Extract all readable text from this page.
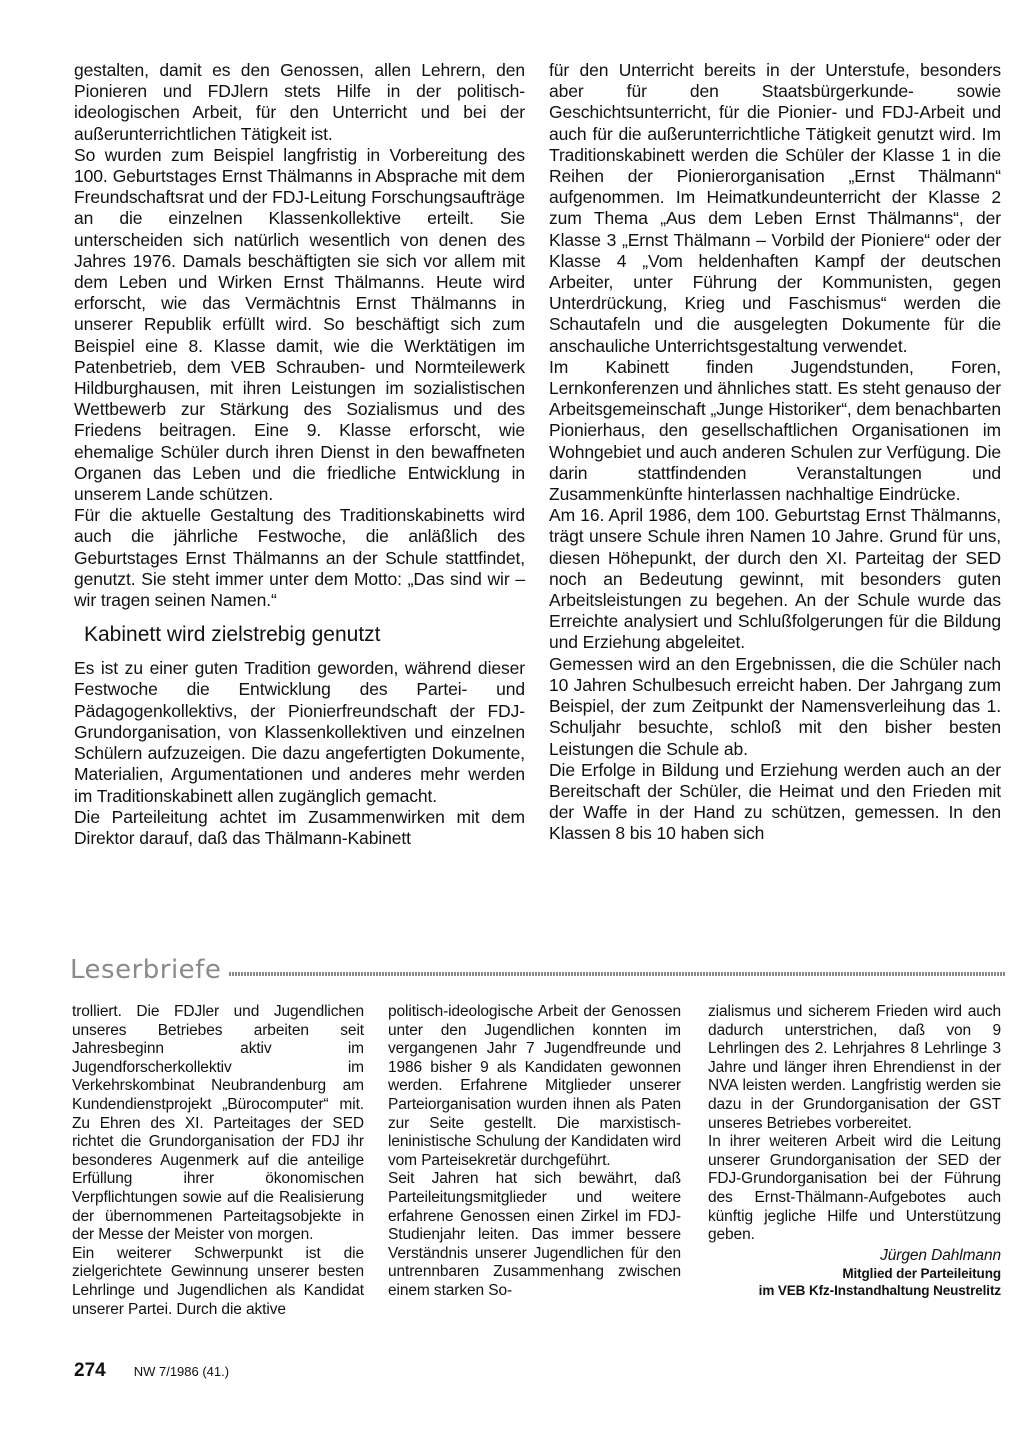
gestalten, damit es den Genossen, allen Lehrern, den Pionieren und FDJlern stets Hilfe in der politisch-ideologischen Arbeit, für den Unterricht und bei der außerunterrichtlichen Tätigkeit ist.

So wurden zum Beispiel langfristig in Vorbereitung des 100. Geburtstages Ernst Thälmanns in Absprache mit dem Freundschaftsrat und der FDJ-Leitung Forschungsaufträge an die einzelnen Klassenkollektive erteilt. Sie unterscheiden sich natürlich wesentlich von denen des Jahres 1976. Damals beschäftigten sie sich vor allem mit dem Leben und Wirken Ernst Thälmanns. Heute wird erforscht, wie das Vermächtnis Ernst Thälmanns in unserer Republik erfüllt wird. So beschäftigt sich zum Beispiel eine 8. Klasse damit, wie die Werktätigen im Patenbetrieb, dem VEB Schrauben- und Normteilewerk Hildburghausen, mit ihren Leistungen im sozialistischen Wettbewerb zur Stärkung des Sozialismus und des Friedens beitragen. Eine 9. Klasse erforscht, wie ehemalige Schüler durch ihren Dienst in den bewaffneten Organen das Leben und die friedliche Entwicklung in unserem Lande schützen.

Für die aktuelle Gestaltung des Traditionskabinetts wird auch die jährliche Festwoche, die anläßlich des Geburtstages Ernst Thälmanns an der Schule stattfindet, genutzt. Sie steht immer unter dem Motto: „Das sind wir – wir tragen seinen Namen.“

Kabinett wird zielstrebig genutzt

Es ist zu einer guten Tradition geworden, während dieser Festwoche die Entwicklung des Partei- und Pädagogenkollektivs, der Pionierfreundschaft der FDJ-Grundorganisation, von Klassenkollektiven und einzelnen Schülern aufzuzeigen. Die dazu angefertigten Dokumente, Materialien, Argumentationen und anderes mehr werden im Traditionskabinett allen zugänglich gemacht.

Die Parteileitung achtet im Zusammenwirken mit dem Direktor darauf, daß das Thälmann-Kabinett

für den Unterricht bereits in der Unterstufe, besonders aber für den Staatsbürgerkunde- sowie Geschichtsunterricht, für die Pionier- und FDJ-Arbeit und auch für die außerunterrichtliche Tätigkeit genutzt wird. Im Traditionskabinett werden die Schüler der Klasse 1 in die Reihen der Pionierorganisation „Ernst Thälmann“ aufgenommen. Im Heimatkundeunterricht der Klasse 2 zum Thema „Aus dem Leben Ernst Thälmanns“, der Klasse 3 „Ernst Thälmann – Vorbild der Pioniere“ oder der Klasse 4 „Vom heldenhaften Kampf der deutschen Arbeiter, unter Führung der Kommunisten, gegen Unterdrückung, Krieg und Faschismus“ werden die Schautafeln und die ausgelegten Dokumente für die anschauliche Unterrichtsgestaltung verwendet.

Im Kabinett finden Jugendstunden, Foren, Lernkonferenzen und ähnliches statt. Es steht genauso der Arbeitsgemeinschaft „Junge Historiker“, dem benachbarten Pionierhaus, den gesellschaftlichen Organisationen im Wohngebiet und auch anderen Schulen zur Verfügung. Die darin stattfindenden Veranstaltungen und Zusammenkünfte hinterlassen nachhaltige Eindrücke.

Am 16. April 1986, dem 100. Geburtstag Ernst Thälmanns, trägt unsere Schule ihren Namen 10 Jahre. Grund für uns, diesen Höhepunkt, der durch den XI. Parteitag der SED noch an Bedeutung gewinnt, mit besonders guten Arbeitsleistungen zu begehen. An der Schule wurde das Erreichte analysiert und Schlußfolgerungen für die Bildung und Erziehung abgeleitet.

Gemessen wird an den Ergebnissen, die die Schüler nach 10 Jahren Schulbesuch erreicht haben. Der Jahrgang zum Beispiel, der zum Zeitpunkt der Namensverleihung das 1. Schuljahr besuchte, schloß mit den bisher besten Leistungen die Schule ab.

Die Erfolge in Bildung und Erziehung werden auch an der Bereitschaft der Schüler, die Heimat und den Frieden mit der Waffe in der Hand zu schützen, gemessen. In den Klassen 8 bis 10 haben sich

Leserbriefe

trolliert. Die FDJler und Jugendlichen unseres Betriebes arbeiten seit Jahresbeginn aktiv im Jugendforscherkollektiv im Verkehrskombinat Neubrandenburg am Kundendienstprojekt „Bürocomputer“ mit. Zu Ehren des XI. Parteitages der SED richtet die Grundorganisation der FDJ ihr besonderes Augenmerk auf die anteilige Erfüllung ihrer ökonomischen Verpflichtungen sowie auf die Realisierung der übernommenen Parteitagsobjekte in der Messe der Meister von morgen.

Ein weiterer Schwerpunkt ist die zielgerichtete Gewinnung unserer besten Lehrlinge und Jugendlichen als Kandidat unserer Partei. Durch die aktive

politisch-ideologische Arbeit der Genossen unter den Jugendlichen konnten im vergangenen Jahr 7 Jugendfreunde und 1986 bisher 9 als Kandidaten gewonnen werden. Erfahrene Mitglieder unserer Parteiorganisation wurden ihnen als Paten zur Seite gestellt. Die marxistisch-leninistische Schulung der Kandidaten wird vom Parteisekretär durchgeführt.

Seit Jahren hat sich bewährt, daß Parteileitungsmitglieder und weitere erfahrene Genossen einen Zirkel im FDJ-Studienjahr leiten. Das immer bessere Verständnis unserer Jugendlichen für den untrennbaren Zusammenhang zwischen einem starken So-

zialismus und sicherem Frieden wird auch dadurch unterstrichen, daß von 9 Lehrlingen des 2. Lehrjahres 8 Lehrlinge 3 Jahre und länger ihren Ehrendienst in der NVA leisten werden. Langfristig werden sie dazu in der Grundorganisation der GST unseres Betriebes vorbereitet.

In ihrer weiteren Arbeit wird die Leitung unserer Grundorganisation der SED der FDJ-Grundorganisation bei der Führung des Ernst-Thälmann-Aufgebotes auch künftig jegliche Hilfe und Unterstützung geben.

Jürgen Dahlmann

Mitglied der Parteileitung

im VEB Kfz-Instandhaltung Neustrelitz

274 NW 7/1986 (41.)
